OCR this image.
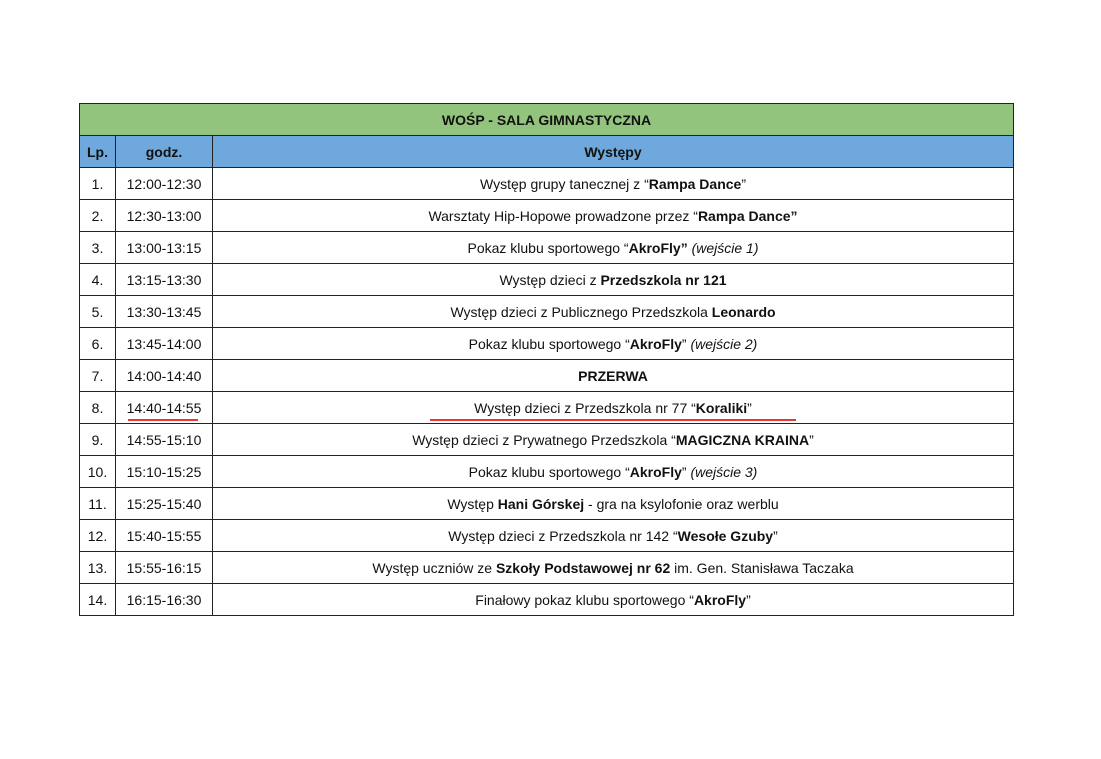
WOŚP - SALA GIMNASTYCZNA		
Lp.	godz.	Występy
1.	12:00-12:30	Występ grupy tanecznej z “Rampa Dance”
2.	12:30-13:00	Warsztaty Hip-Hopowe prowadzone przez “Rampa Dance”
3.	13:00-13:15	Pokaz klubu sportowego “AkroFly” (wejście 1)
4.	13:15-13:30	Występ dzieci z Przedszkola nr 121
5.	13:30-13:45	Występ dzieci z Publicznego Przedszkola Leonardo
6.	13:45-14:00	Pokaz klubu sportowego “AkroFly” (wejście 2)
7.	14:00-14:40	PRZERWA
8.	14:40-14:55	Występ dzieci z Przedszkola nr 77 “Koraliki”
9.	14:55-15:10	Występ dzieci z Prywatnego Przedszkola “MAGICZNA KRAINA”
10.	15:10-15:25	Pokaz klubu sportowego “AkroFly” (wejście 3)
11.	15:25-15:40	Występ Hani Górskej - gra na ksylofonie oraz werblu
12.	15:40-15:55	Występ dzieci z Przedszkola nr 142 “Wesołe Gzuby”
13.	15:55-16:15	Występ uczniów ze Szkoły Podstawowej nr 62 im. Gen. Stanisława Taczaka
14.	16:15-16:30	Finałowy pokaz klubu sportowego “AkroFly”
